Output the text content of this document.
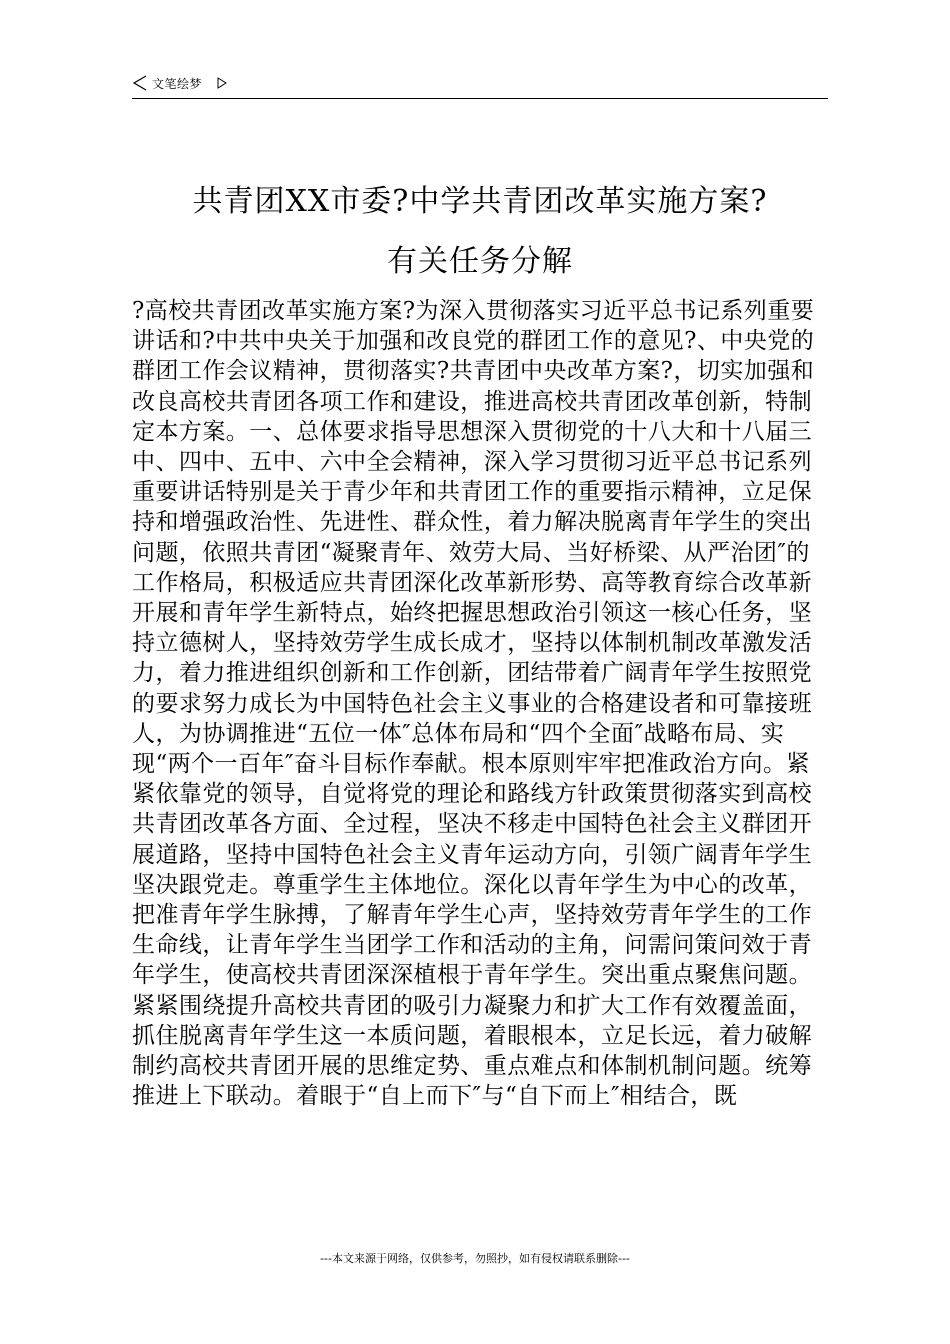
文笔绘梦
共青团XX市委?中学共青团改革实施方案?
有关任务分解
?高校共青团改革实施方案?为深入贯彻落实习近平总书记系列重要讲话和?中共中央关于加强和改良党的群团工作的意见?、中央党的群团工作会议精神，贯彻落实?共青团中央改革方案?，切实加强和改良高校共青团各项工作和建设，推进高校共青团改革创新，特制定本方案。一、总体要求指导思想深入贯彻党的十八大和十八届三中、四中、五中、六中全会精神，深入学习贯彻习近平总书记系列重要讲话特别是关于青少年和共青团工作的重要指示精神，立足保持和增强政治性、先进性、群众性，着力解决脱离青年学生的突出问题，依照共青团“凝聚青年、效劳大局、当好桥梁、从严治团″的工作格局，积极适应共青团深化改革新形势、高等教育综合改革新开展和青年学生新特点，始终把握思想政治引领这一核心任务，坚持立德树人，坚持效劳学生成长成才，坚持以体制机制改革激发活力，着力推进组织创新和工作创新，团结带着广阔青年学生按照党的要求努力成长为中国特色社会主义事业的合格建设者和可靠接班人，为协调推进“五位一体″总体布局和“四个全面″战略布局、实现“两个一百年″奋斗目标作奉献。根本原则牢牢把准政治方向。紧紧依靠党的领导，自觉将党的理论和路线方针政策贯彻落实到高校共青团改革各方面、全过程，坚决不移走中国特色社会主义群团开展道路，坚持中国特色社会主义青年运动方向，引领广阔青年学生坚决跟党走。尊重学生主体地位。深化以青年学生为中心的改革，把准青年学生脉搏，了解青年学生心声，坚持效劳青年学生的工作生命线，让青年学生当团学工作和活动的主角，问需问策问效于青年学生，使高校共青团深深植根于青年学生。突出重点聚焦问题。紧紧围绕提升高校共青团的吸引力凝聚力和扩大工作有效覆盖面，抓住脱离青年学生这一本质问题，着眼根本，立足长远，着力破解制约高校共青团开展的思维定势、重点难点和体制机制问题。统筹推进上下联动。着眼于“自上而下″与“自下而上″相结合，既
---本文来源于网络，仅供参考，勿照抄，如有侵权请联系删除---
